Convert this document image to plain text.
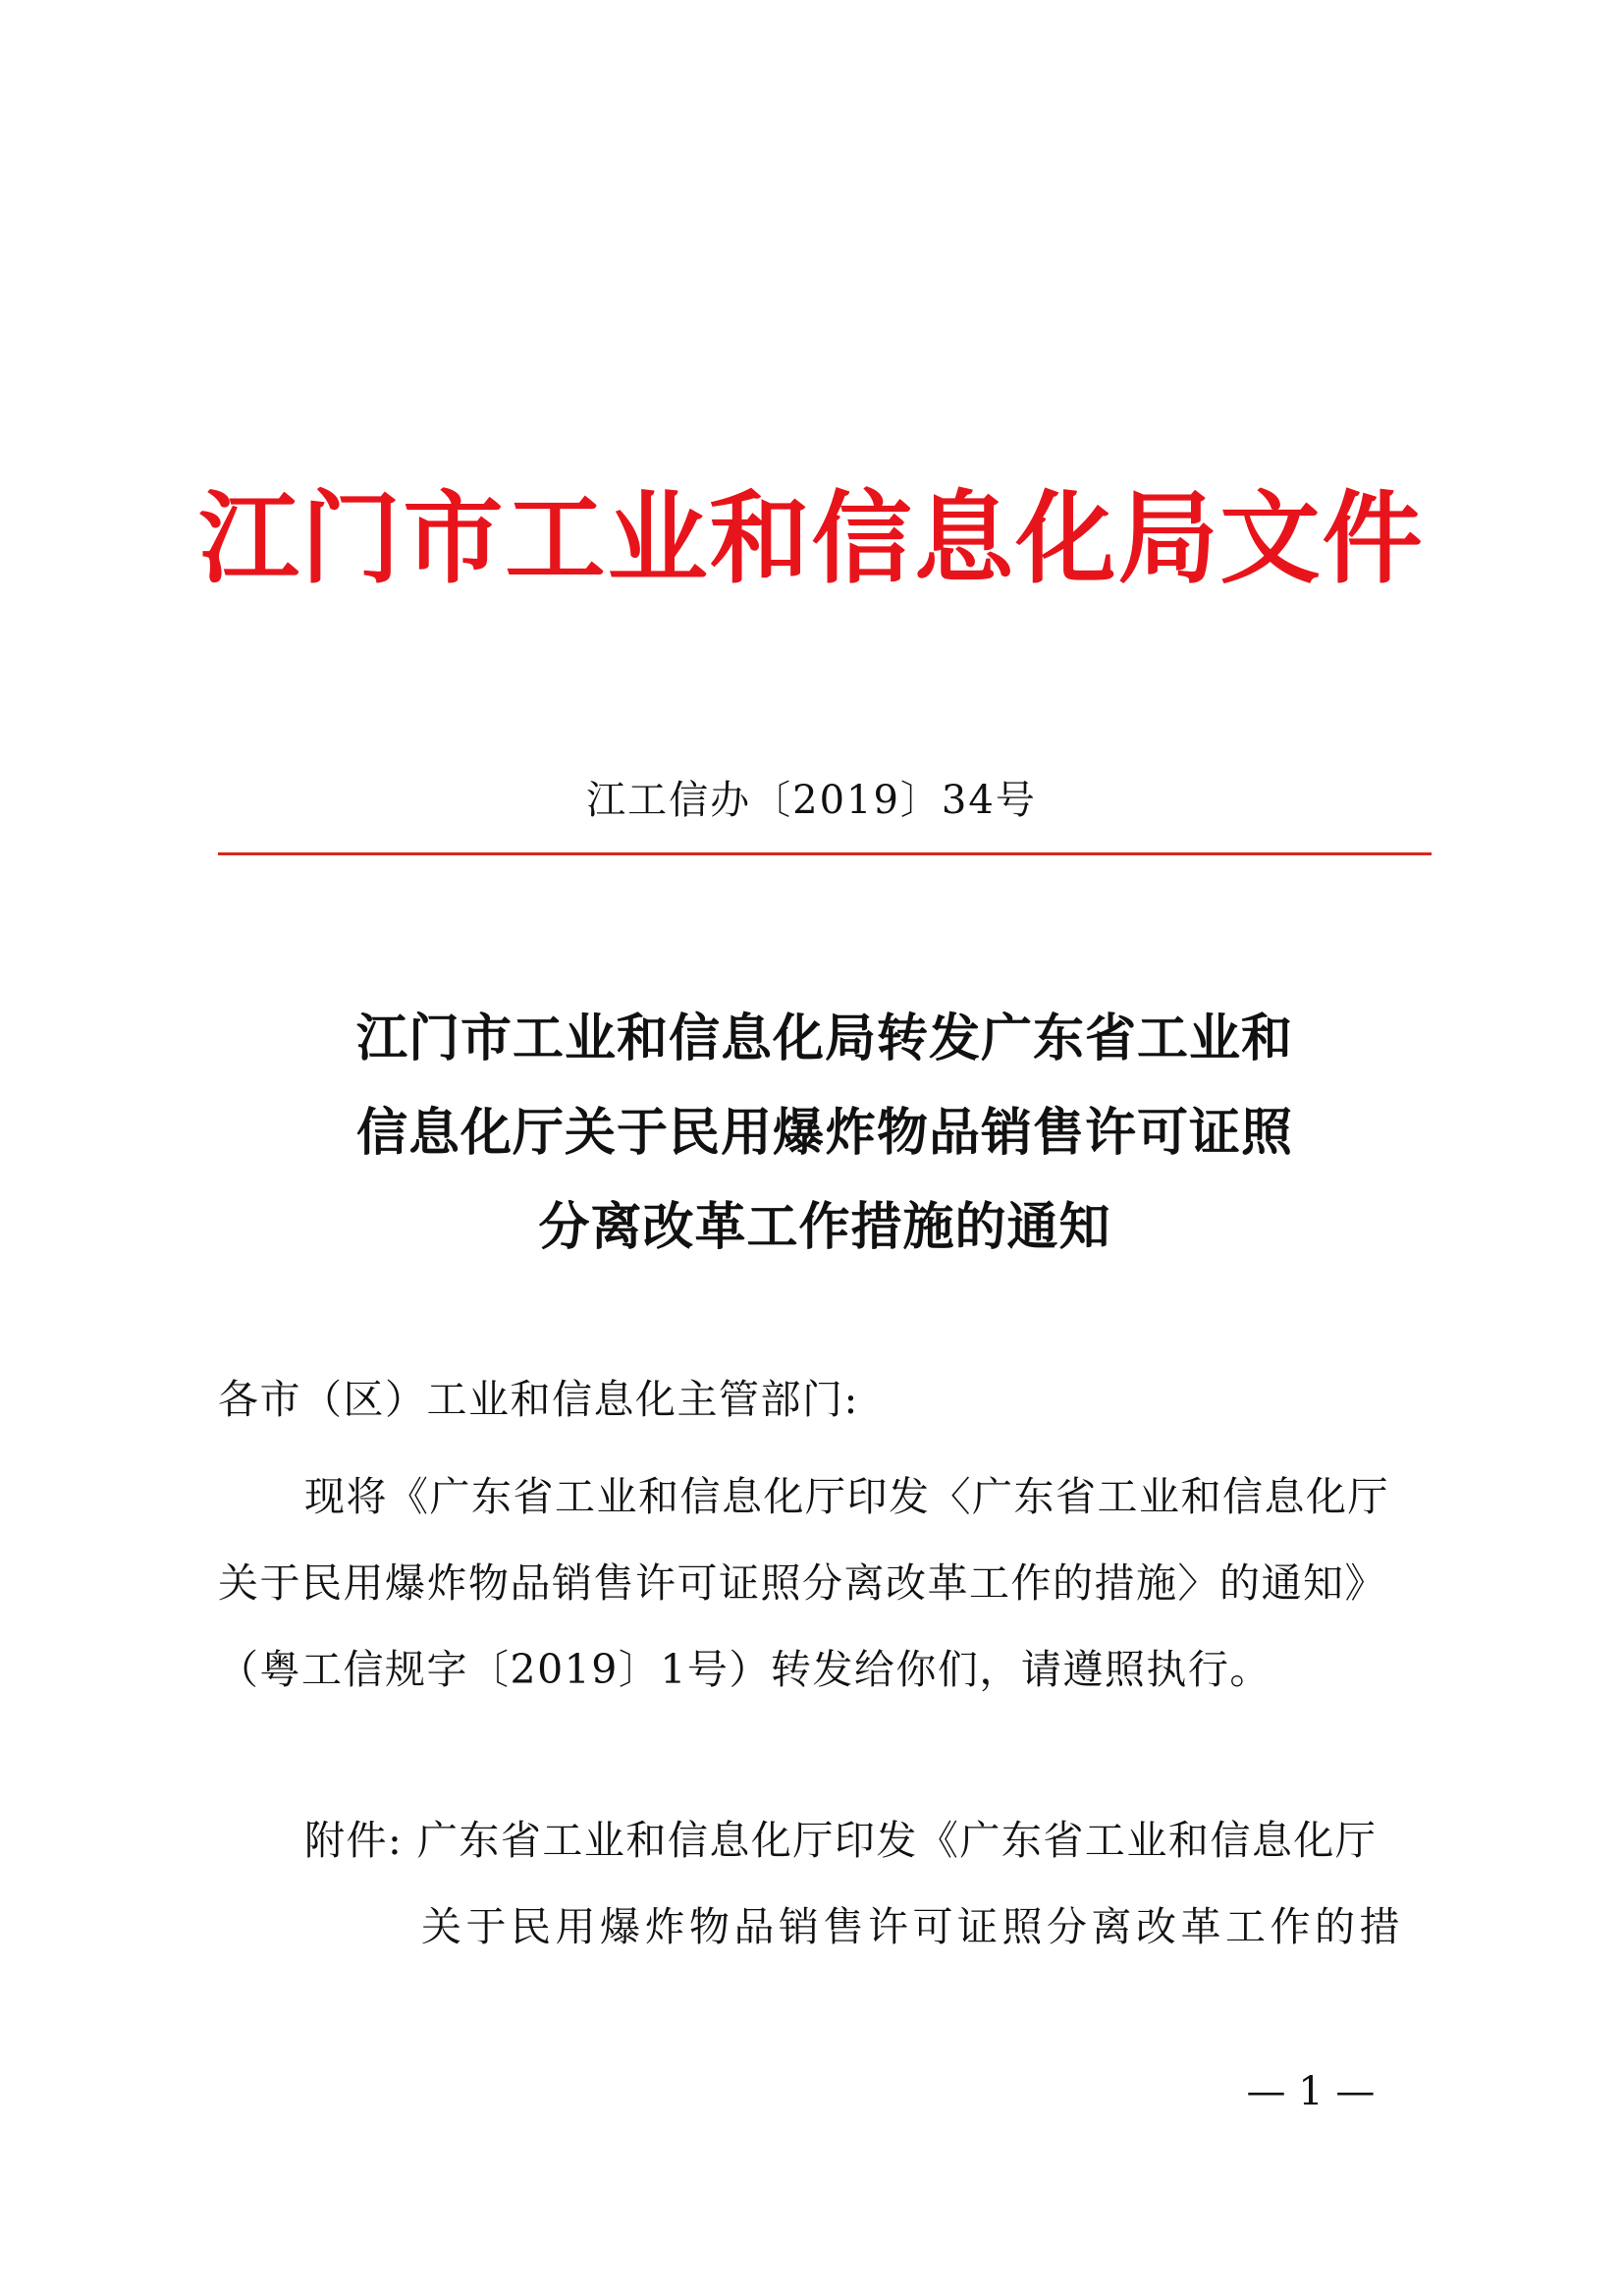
江门市工业和信息化局文件
江工信办〔2019〕34号
江门市工业和信息化局转发广东省工业和
信息化厅关于民用爆炸物品销售许可证照
分离改革工作措施的通知
各市（区）工业和信息化主管部门:
现将《广东省工业和信息化厅印发〈广东省工业和信息化厅
关于民用爆炸物品销售许可证照分离改革工作的措施〉的通知》
（粤工信规字〔2019〕1号）转发给你们，请遵照执行。
附件: 广东省工业和信息化厅印发《广东省工业和信息化厅
关于民用爆炸物品销售许可证照分离改革工作的措
— 1 —
